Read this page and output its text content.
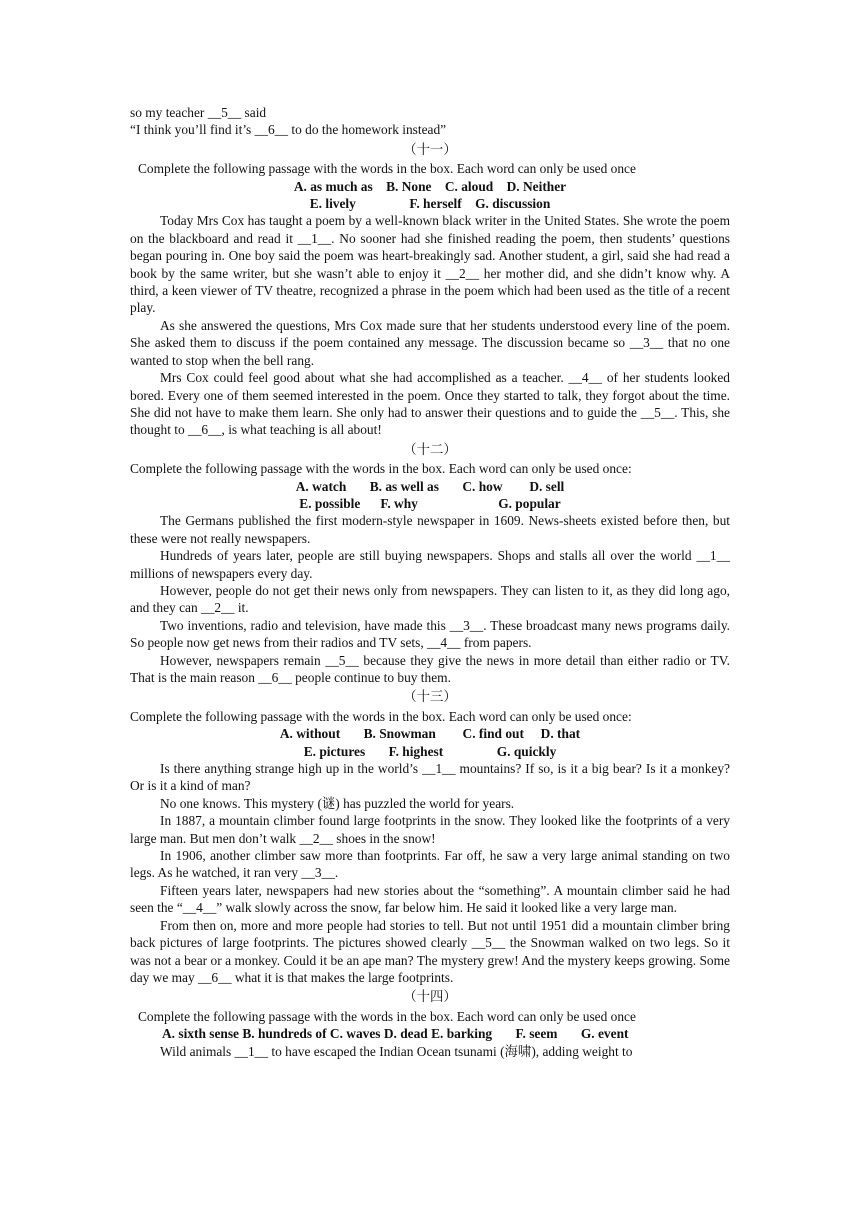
so my teacher __5__ said
“I think you’ll find it’s __6__ to do the homework instead”
（十一）
Complete the following passage with the words in the box. Each word can only be used once
A. as much as    B. None    C. aloud    D. Neither
E. lively                F. herself    G. discussion

Today Mrs Cox has taught a poem by a well-known black writer in the United States. She wrote the poem on the blackboard and read it __1__. No sooner had she finished reading the poem, then students’ questions began pouring in. One boy said the poem was heart-breakingly sad. Another student, a girl, said she had read a book by the same writer, but she wasn’t able to enjoy it __2__ her mother did, and she didn’t know why. A third, a keen viewer of TV theatre, recognized a phrase in the poem which had been used as the title of a recent play.

As she answered the questions, Mrs Cox made sure that her students understood every line of the poem. She asked them to discuss if the poem contained any message. The discussion became so __3__ that no one wanted to stop when the bell rang.

Mrs Cox could feel good about what she had accomplished as a teacher. __4__ of her students looked bored. Every one of them seemed interested in the poem. Once they started to talk, they forgot about the time. She did not have to make them learn. She only had to answer their questions and to guide the __5__. This, she thought to __6__, is what teaching is all about!

（十二）
Complete the following passage with the words in the box. Each word can only be used once:
A. watch       B. as well as       C. how        D. sell
E. possible      F. why                        G. popular

The Germans published the first modern-style newspaper in 1609. News-sheets existed before then, but these were not really newspapers.

Hundreds of years later, people are still buying newspapers. Shops and stalls all over the world __1__ millions of newspapers every day.

However, people do not get their news only from newspapers. They can listen to it, as they did long ago, and they can __2__ it.

Two inventions, radio and television, have made this __3__. These broadcast many news programs daily. So people now get news from their radios and TV sets, __4__ from papers.

However, newspapers remain __5__ because they give the news in more detail than either radio or TV. That is the main reason __6__ people continue to buy them.

（十三）
Complete the following passage with the words in the box. Each word can only be used once:
A. without       B. Snowman        C. find out     D. that
E. pictures       F. highest                G. quickly

Is there anything strange high up in the world’s __1__ mountains? If so, is it a big bear? Is it a monkey? Or is it a kind of man?

No one knows. This mystery (谜) has puzzled the world for years.

In 1887, a mountain climber found large footprints in the snow. They looked like the footprints of a very large man. But men don’t walk __2__ shoes in the snow!

In 1906, another climber saw more than footprints. Far off, he saw a very large animal standing on two legs. As he watched, it ran very __3__.

Fifteen years later, newspapers had new stories about the “something”. A mountain climber said he had seen the “__4__” walk slowly across the snow, far below him. He said it looked like a very large man.

From then on, more and more people had stories to tell. But not until 1951 did a mountain climber bring back pictures of large footprints. The pictures showed clearly __5__ the Snowman walked on two legs. So it was not a bear or a monkey. Could it be an ape man? The mystery grew! And the mystery keeps growing. Some day we may __6__ what it is that makes the large footprints.

（十四）
Complete the following passage with the words in the box. Each word can only be used once
A. sixth sense B. hundreds of C. waves D. dead E. barking       F. seem       G. event

Wild animals __1__ to have escaped the Indian Ocean tsunami (海啸), adding weight to
